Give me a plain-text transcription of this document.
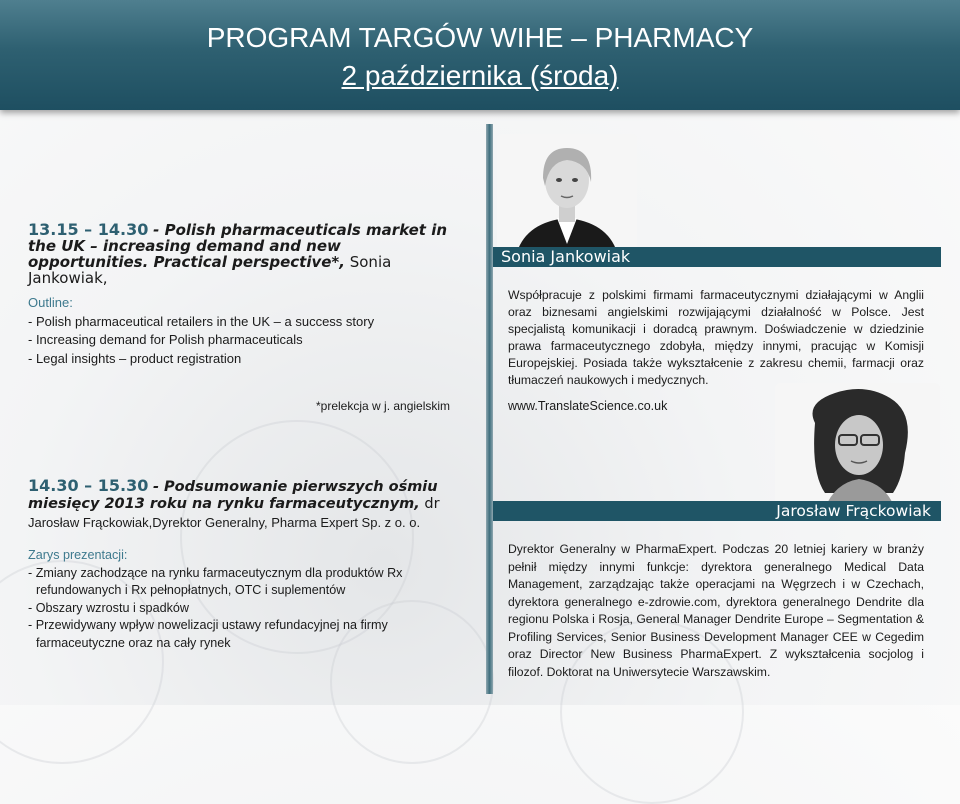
PROGRAM TARGÓW WIHE – PHARMACY
2 października (środa)
13.15 – 14.30 - Polish pharmaceuticals market in the UK – increasing demand and new opportunities. Practical perspective*, Sonia Jankowiak,
Outline:
- Polish pharmaceutical retailers in the UK – a success story
- Increasing demand for Polish pharmaceuticals
- Legal insights – product registration
*prelekcja w j. angielskim
Sonia Jankowiak
Współpracuje z polskimi firmami farmaceutycznymi działającymi w Anglii oraz biznesami angielskimi rozwijającymi działalność w Polsce. Jest specjalistą komunikacji i doradcą prawnym. Doświadczenie w dziedzinie prawa farmaceutycznego zdobyła, między innymi, pracując w Komisji Europejskiej. Posiada także wykształcenie z zakresu chemii, farmacji oraz tłumaczeń naukowych i medycznych.
www.TranslateScience.co.uk
14.30 – 15.30 - Podsumowanie pierwszych ośmiu miesięcy 2013 roku na rynku farmaceutycznym, dr
Jarosław Frąckowiak,Dyrektor Generalny, Pharma Expert Sp. z o. o.
Zarys prezentacji:
- Zmiany zachodzące na rynku farmaceutycznym dla produktów Rx
refundowanych i Rx pełnopłatnych, OTC i suplementów
- Obszary wzrostu i spadków
- Przewidywany wpływ nowelizacji ustawy refundacyjnej na firmy
farmaceutyczne oraz na cały rynek
Jarosław Frąckowiak
Dyrektor Generalny w PharmaExpert. Podczas 20 letniej kariery w branży pełnił między innymi funkcje: dyrektora generalnego Medical Data Management, zarządzając także operacjami na Węgrzech i w Czechach, dyrektora generalnego e-zdrowie.com, dyrektora generalnego Dendrite dla regionu Polska i Rosja, General Manager Dendrite Europe – Segmentation & Profiling Services, Senior Business Development Manager CEE w Cegedim oraz Director New Business PharmaExpert. Z wykształcenia socjolog i filozof. Doktorat na Uniwersytecie Warszawskim.
